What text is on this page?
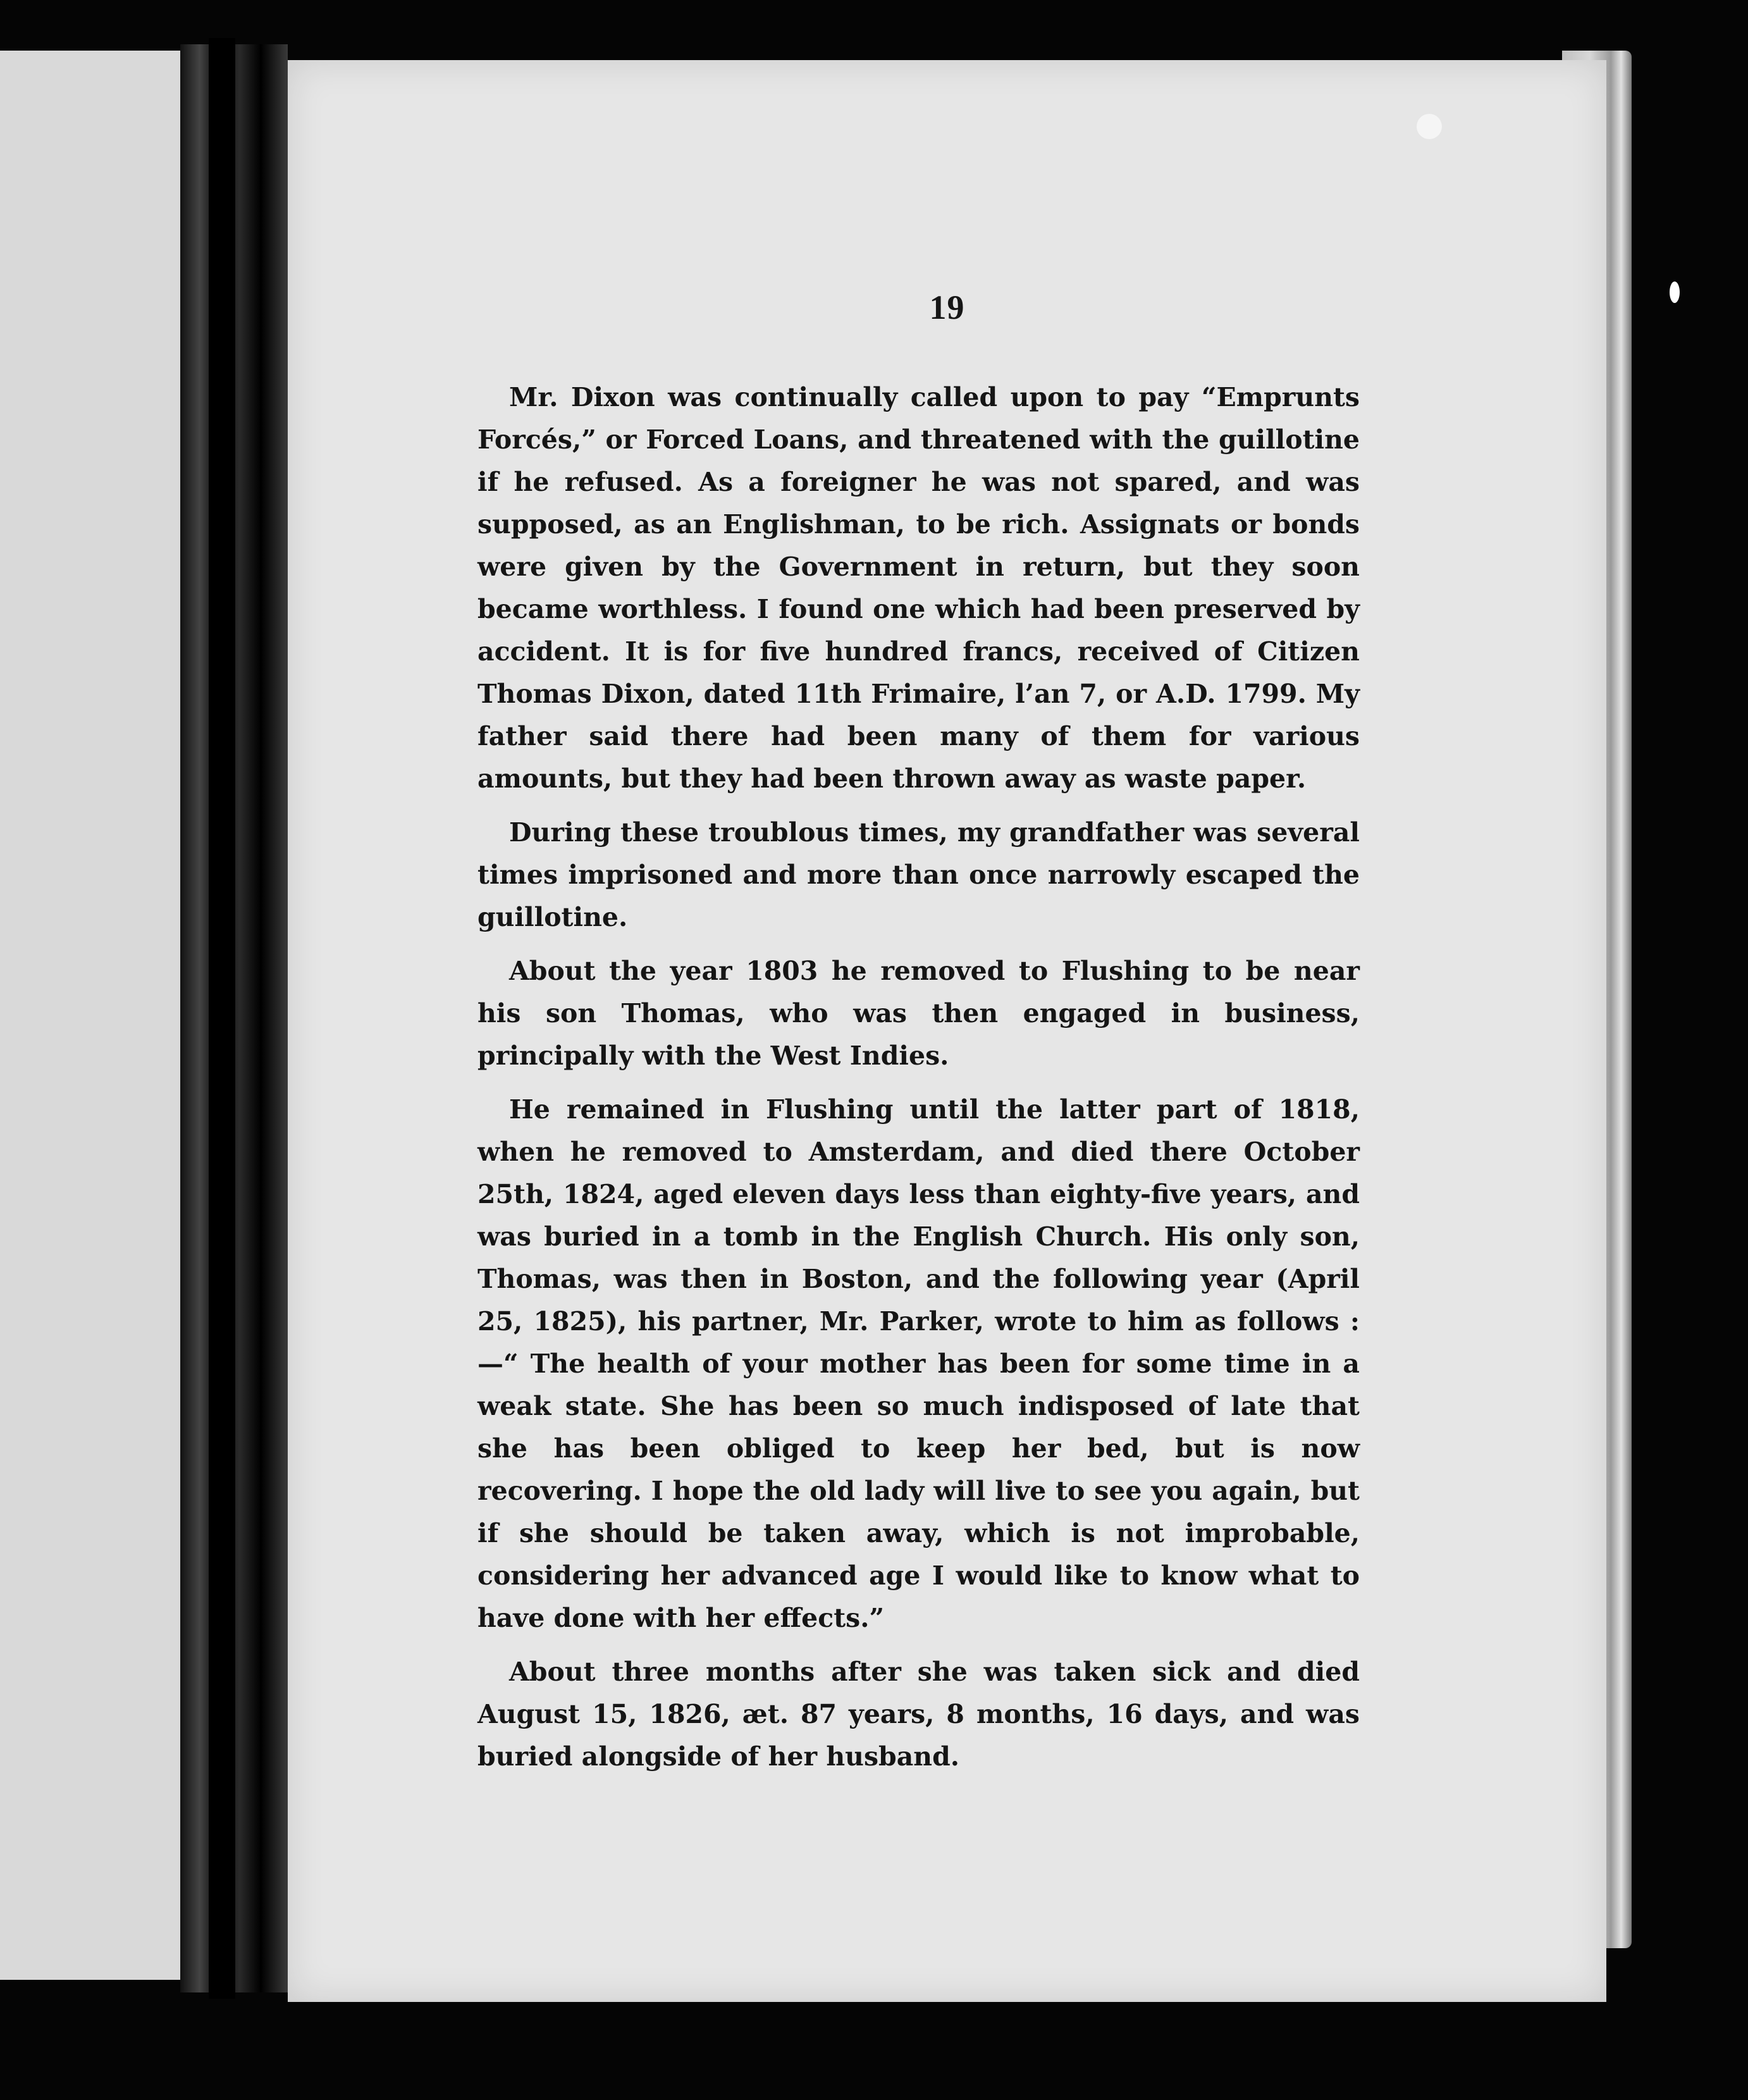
19

Mr. Dixon was continually called upon to pay “Emprunts Forcés,” or Forced Loans, and threatened with the guillotine if he refused. As a foreigner he was not spared, and was supposed, as an Englishman, to be rich. Assignats or bonds were given by the Government in return, but they soon became worthless. I found one which had been preserved by accident. It is for five hundred francs, received of Citizen Thomas Dixon, dated 11th Frimaire, l’an 7, or A.D. 1799. My father said there had been many of them for various amounts, but they had been thrown away as waste paper.

During these troublous times, my grandfather was several times imprisoned and more than once narrowly escaped the guillotine.

About the year 1803 he removed to Flushing to be near his son Thomas, who was then engaged in business, principally with the West Indies.

He remained in Flushing until the latter part of 1818, when he removed to Amsterdam, and died there October 25th, 1824, aged eleven days less than eighty-five years, and was buried in a tomb in the English Church. His only son, Thomas, was then in Boston, and the following year (April 25, 1825), his partner, Mr. Parker, wrote to him as follows :—“ The health of your mother has been for some time in a weak state. She has been so much indisposed of late that she has been obliged to keep her bed, but is now recovering. I hope the old lady will live to see you again, but if she should be taken away, which is not improbable, considering her advanced age I would like to know what to have done with her effects.”

About three months after she was taken sick and died August 15, 1826, æt. 87 years, 8 months, 16 days, and was buried alongside of her husband.
